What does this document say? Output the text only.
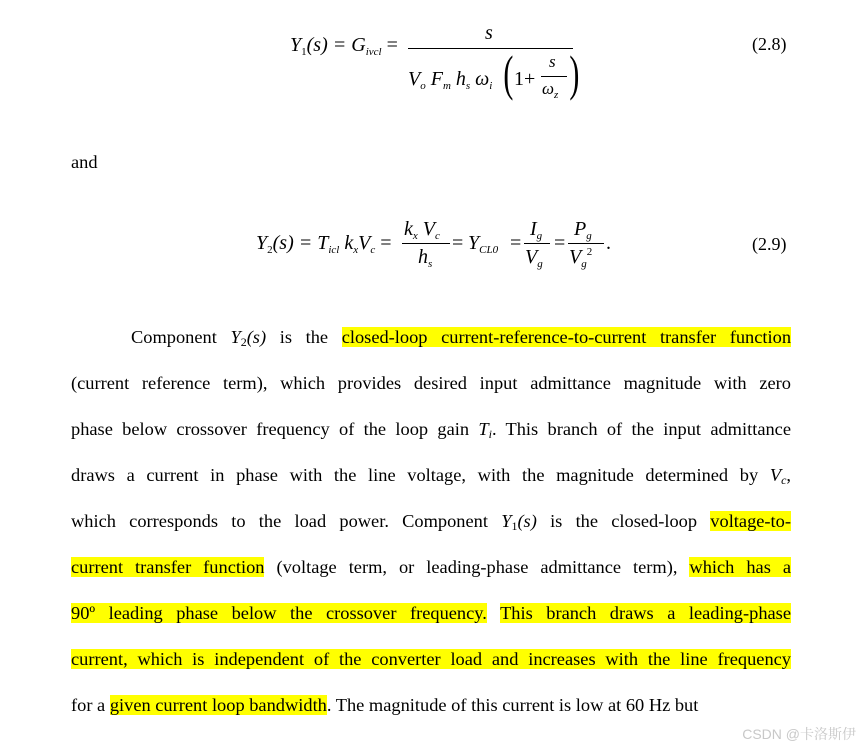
$Y_1(s) = G_{ivcl}$ =
s
$V_o$ $F_m$ $h_s$ $\omega_i$ ( 1+
s
$\omega_z$ )
(2.8)
and
$Y_2(s) = T_{icl}$ $k_xV_c$ =
$k_x$ $V_c$
$h_s$
= $Y_{CL0}$ =
$I_g$
$V_g$
=
$P_g$
$V_g^2$ .	(2.9)
Component Y2(s) is the closed-loop current-reference-to-current transfer function
(current reference term), which provides desired input admittance magnitude with zero
phase below crossover frequency of the loop gain Ti. This branch of the input admittance
draws a current in phase with the line voltage, with the magnitude determined by Vc,
which corresponds to the load power. Component Y1(s) is the closed-loop voltage-to-
current transfer function (voltage term, or leading-phase admittance term), which has a
90º leading phase below the crossover frequency. This branch draws a leading-phase
current, which is independent of the converter load and increases with the line frequency
for a given current loop bandwidth. The magnitude of this current is low at 60 Hz but
CSDN @卡洛斯伊
